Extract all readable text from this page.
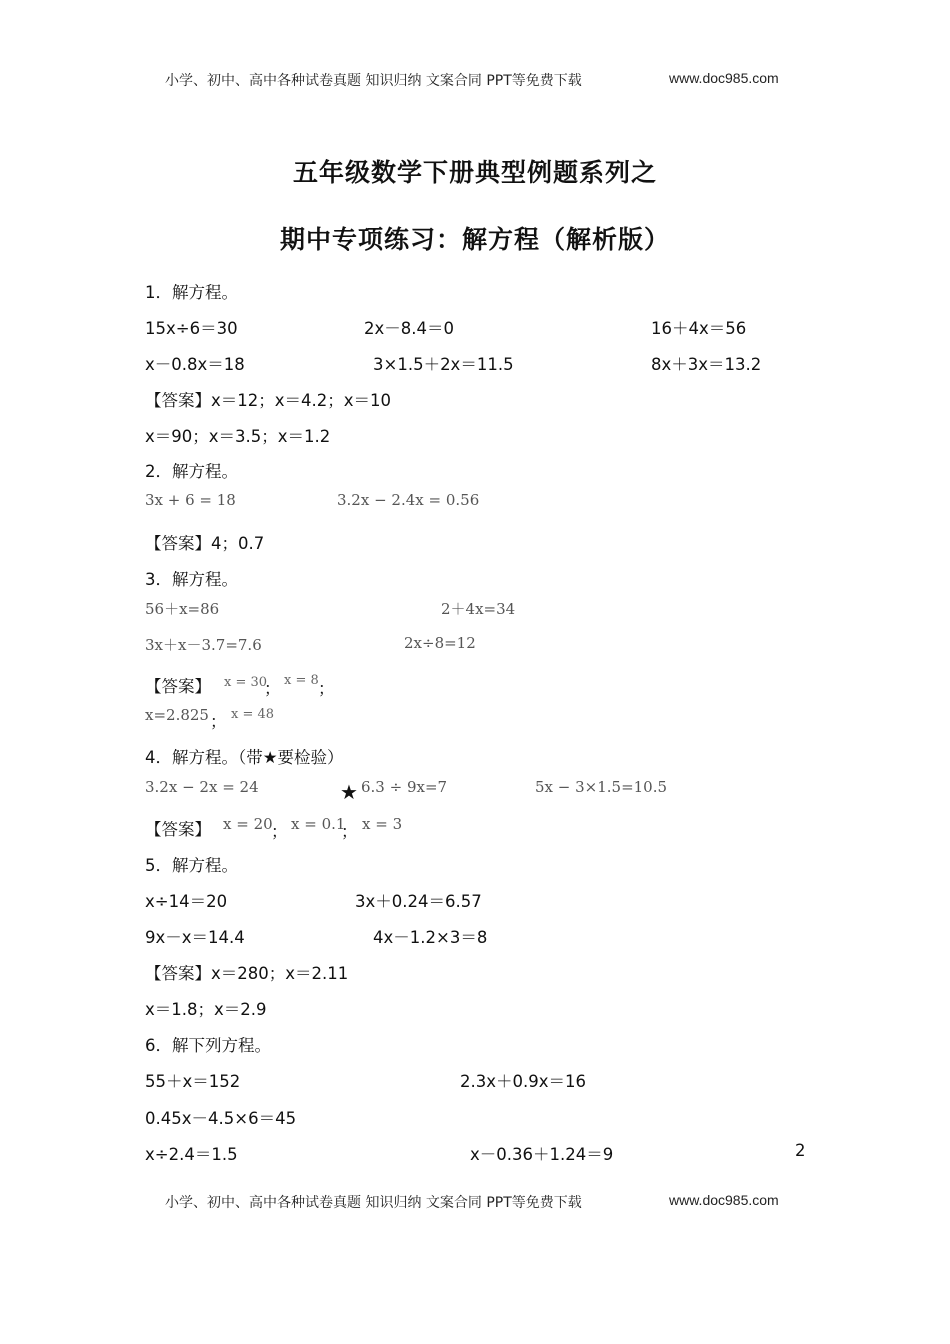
小学、初中、高中各种试卷真题 知识归纳 文案合同 PPT等免费下载	www.doc985.com
五年级数学下册典型例题系列之
期中专项练习：解方程（解析版）
1．解方程。
15x÷6＝30	2x－8.4＝0	16＋4x＝56
x－0.8x＝18	3×1.5＋2x＝11.5	8x＋3x＝13.2
【答案】x＝12；x＝4.2；x＝10
x＝90；x＝3.5；x＝1.2
2．解方程。
3x + 6 = 18	3.2x − 2.4x = 0.56
【答案】4；0.7
3．解方程。
56＋x=86	2＋4x=34
3x＋x－3.7=7.6	2x÷8=12
【答案】 x = 30
； x = 8 ；
x=2.825 ； x = 48
4．解方程。（带★要检验）
3.2x − 2x = 24	★ 6.3 ÷ 9x=7	5x − 3×1.5=10.5
【答案】 x = 20
； x = 0.1
； x = 3
5．解方程。
x÷14＝20	3x＋0.24＝6.57
9x－x＝14.4	4x－1.2×3＝8
【答案】x＝280；x＝2.11
x＝1.8；x＝2.9
6．解下列方程。
55＋x＝152	2.3x＋0.9x＝16
0.45x－4.5×6＝45
x÷2.4＝1.5	x－0.36＋1.24＝9	2
小学、初中、高中各种试卷真题 知识归纳 文案合同 PPT等免费下载	www.doc985.com
